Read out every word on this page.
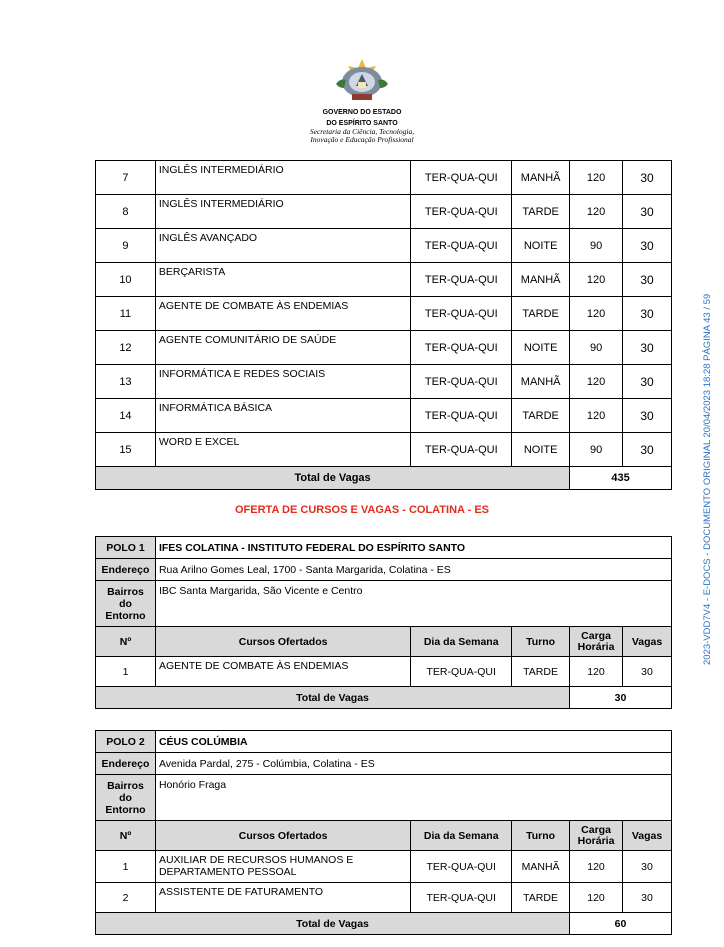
GOVERNO DO ESTADO
DO ESPÍRITO SANTO
Secretaria da Ciência, Tecnologia,
Inovação e Educação Profissional
7	INGLÊS INTERMEDIÁRIO	TER-QUA-QUI	MANHÃ	120	30
8	INGLÊS INTERMEDIÁRIO	TER-QUA-QUI	TARDE	120	30
9	INGLÊS AVANÇADO	TER-QUA-QUI	NOITE	90	30
10	BERÇARISTA	TER-QUA-QUI	MANHÃ	120	30
11	AGENTE DE COMBATE ÀS ENDEMIAS	TER-QUA-QUI	TARDE	120	30
12	AGENTE COMUNITÁRIO DE SAÚDE	TER-QUA-QUI	NOITE	90	30
13	INFORMÁTICA E REDES SOCIAIS	TER-QUA-QUI	MANHÃ	120	30
14	INFORMÁTICA BÁSICA	TER-QUA-QUI	TARDE	120	30
15	WORD E EXCEL	TER-QUA-QUI	NOITE	90	30
Total de Vagas				435	
OFERTA DE CURSOS E VAGAS - COLATINA - ES
POLO 1	IFES COLATINA - INSTITUTO FEDERAL DO ESPÍRITO SANTO				
Endereço	Rua Arilno Gomes Leal, 1700 - Santa Margarida, Colatina - ES				
Bairros
do
Entorno	IBC Santa Margarida, São Vicente e Centro				
Nº	Cursos Ofertados	Dia da Semana	Turno	Carga
Horária	Vagas
1	AGENTE DE COMBATE ÀS ENDEMIAS	TER-QUA-QUI	TARDE	120	30
Total de Vagas				30	
POLO 2	CÉUS COLÚMBIA				
Endereço	Avenida Pardal, 275 - Colúmbia, Colatina - ES				
Bairros
do
Entorno	Honório Fraga				
Nº	Cursos Ofertados	Dia da Semana	Turno	Carga
Horária	Vagas
1	AUXILIAR DE RECURSOS HUMANOS E
DEPARTAMENTO PESSOAL	TER-QUA-QUI	MANHÃ	120	30
2	ASSISTENTE DE FATURAMENTO	TER-QUA-QUI	TARDE	120	30
Total de Vagas				60	
2023-VDD7V4 - E-DOCS - DOCUMENTO ORIGINAL 20/04/2023 18:28 PÁGINA 43 / 59
